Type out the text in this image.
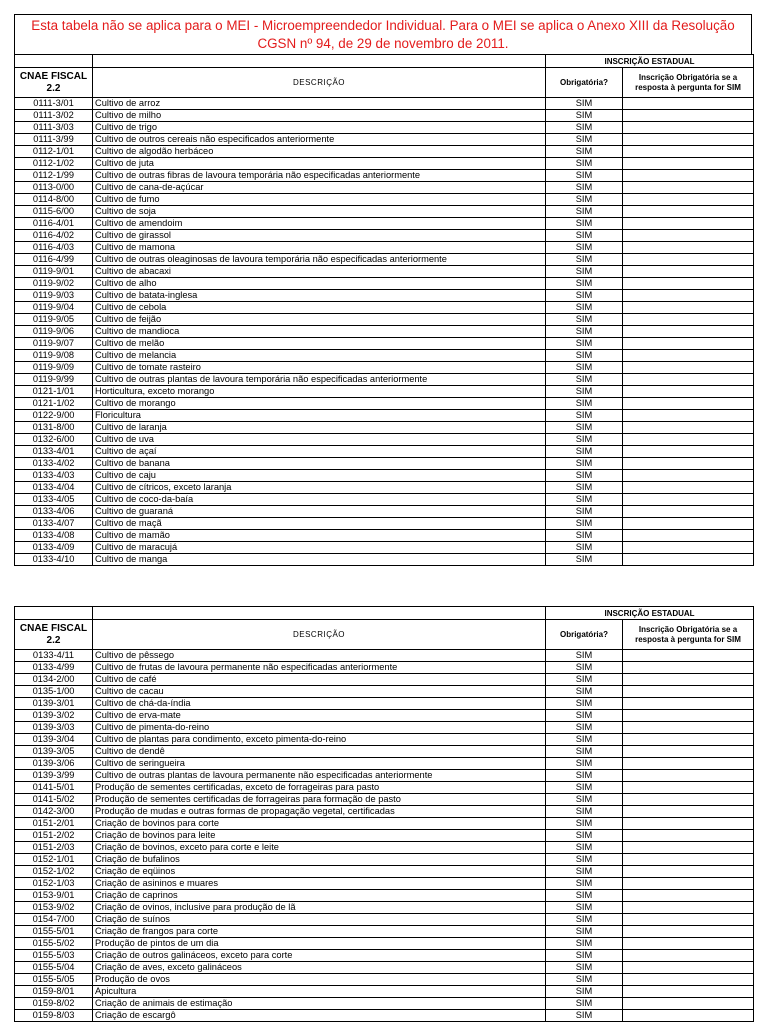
Esta tabela não se aplica para o MEI - Microempreendedor Individual. Para o MEI se aplica o Anexo XIII da Resolução
CGSN nº 94, de 29 de novembro de 2011.
		INSCRIÇÃO ESTADUAL	

CNAE FISCAL
2.2	DESCRIÇÃO	Obrigatória?	Inscrição Obrigatória se a resposta à pergunta for SIM
0111-3/01	Cultivo de arroz	SIM	
0111-3/02	Cultivo de milho	SIM	
0111-3/03	Cultivo de trigo	SIM	
0111-3/99	Cultivo de outros cereais não especificados anteriormente	SIM	
0112-1/01	Cultivo de algodão herbáceo	SIM	
0112-1/02	Cultivo de juta	SIM	
0112-1/99	Cultivo de outras fibras de lavoura temporária não especificadas anteriormente	SIM	
0113-0/00	Cultivo de cana-de-açúcar	SIM	
0114-8/00	Cultivo de fumo	SIM	
0115-6/00	Cultivo de soja	SIM	
0116-4/01	Cultivo de amendoim	SIM	
0116-4/02	Cultivo de girassol	SIM	
0116-4/03	Cultivo de mamona	SIM	
0116-4/99	Cultivo de outras oleaginosas de lavoura temporária não especificadas anteriormente	SIM	
0119-9/01	Cultivo de abacaxi	SIM	
0119-9/02	Cultivo de alho	SIM	
0119-9/03	Cultivo de batata-inglesa	SIM	
0119-9/04	Cultivo de cebola	SIM	
0119-9/05	Cultivo de feijão	SIM	
0119-9/06	Cultivo de mandioca	SIM	
0119-9/07	Cultivo de melão	SIM	
0119-9/08	Cultivo de melancia	SIM	
0119-9/09	Cultivo de tomate rasteiro	SIM	
0119-9/99	Cultivo de outras plantas de lavoura temporária não especificadas anteriormente	SIM	
0121-1/01	Horticultura, exceto morango	SIM	
0121-1/02	Cultivo de morango	SIM	
0122-9/00	Floricultura	SIM	
0131-8/00	Cultivo de laranja	SIM	
0132-6/00	Cultivo de uva	SIM	
0133-4/01	Cultivo de açaí	SIM	
0133-4/02	Cultivo de banana	SIM	
0133-4/03	Cultivo de caju	SIM	
0133-4/04	Cultivo de cítricos, exceto laranja	SIM	
0133-4/05	Cultivo de coco-da-baía	SIM	
0133-4/06	Cultivo de guaraná	SIM	
0133-4/07	Cultivo de maçã	SIM	
0133-4/08	Cultivo de mamão	SIM	
0133-4/09	Cultivo de maracujá	SIM	
0133-4/10	Cultivo de manga	SIM	
		INSCRIÇÃO ESTADUAL	

CNAE FISCAL
2.2	DESCRIÇÃO	Obrigatória?	Inscrição Obrigatória se a resposta à pergunta for SIM
0133-4/11	Cultivo de pêssego	SIM	
0133-4/99	Cultivo de frutas de lavoura permanente não especificadas anteriormente	SIM	
0134-2/00	Cultivo de café	SIM	
0135-1/00	Cultivo de cacau	SIM	
0139-3/01	Cultivo de chá-da-índia	SIM	
0139-3/02	Cultivo de erva-mate	SIM	
0139-3/03	Cultivo de pimenta-do-reino	SIM	
0139-3/04	Cultivo de plantas para condimento, exceto pimenta-do-reino	SIM	
0139-3/05	Cultivo de dendê	SIM	
0139-3/06	Cultivo de seringueira	SIM	
0139-3/99	Cultivo de outras plantas de lavoura permanente não especificadas anteriormente	SIM	
0141-5/01	Produção de sementes certificadas, exceto de forrageiras para pasto	SIM	
0141-5/02	Produção de sementes certificadas de forrageiras para formação de pasto	SIM	
0142-3/00	Produção de mudas e outras formas de propagação vegetal, certificadas	SIM	
0151-2/01	Criação de bovinos para corte	SIM	
0151-2/02	Criação de bovinos para leite	SIM	
0151-2/03	Criação de bovinos, exceto para corte e leite	SIM	
0152-1/01	Criação de bufalinos	SIM	
0152-1/02	Criação de eqüinos	SIM	
0152-1/03	Criação de asininos e muares	SIM	
0153-9/01	Criação de caprinos	SIM	
0153-9/02	Criação de ovinos, inclusive para produção de lã	SIM	
0154-7/00	Criação de suínos	SIM	
0155-5/01	Criação de frangos para corte	SIM	
0155-5/02	Produção de pintos de um dia	SIM	
0155-5/03	Criação de outros galináceos, exceto para corte	SIM	
0155-5/04	Criação de aves, exceto galináceos	SIM	
0155-5/05	Produção de ovos	SIM	
0159-8/01	Apicultura	SIM	
0159-8/02	Criação de animais de estimação	SIM	
0159-8/03	Criação de escargô	SIM	
